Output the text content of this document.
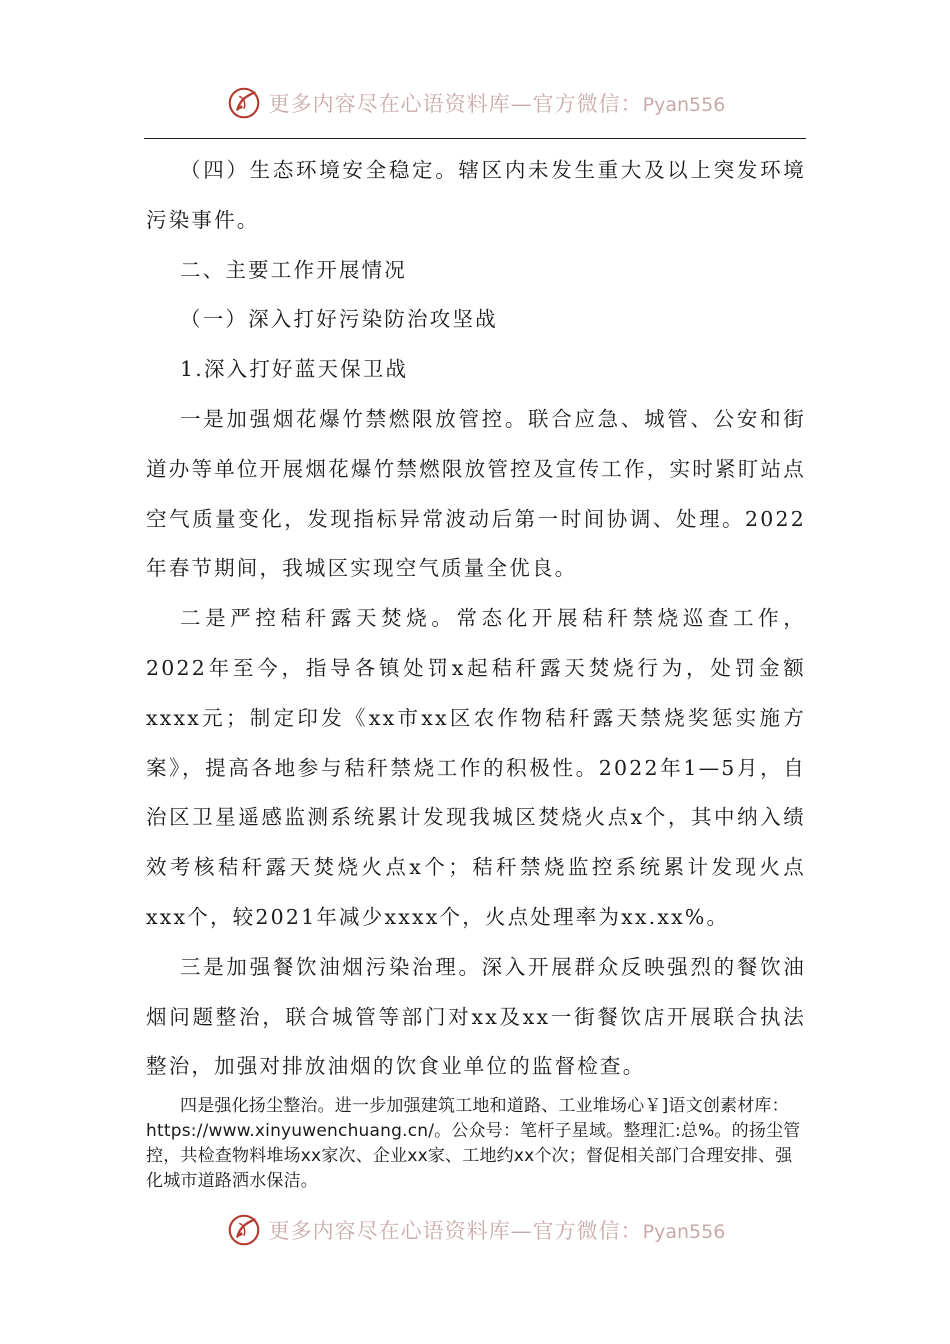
更多内容尽在心语资料库—官方微信：Pyan556

（四）生态环境安全稳定。辖区内未发生重大及以上突发环境污染事件。

二、主要工作开展情况

（一）深入打好污染防治攻坚战

1.深入打好蓝天保卫战

一是加强烟花爆竹禁燃限放管控。联合应急、城管、公安和街道办等单位开展烟花爆竹禁燃限放管控及宣传工作，实时紧盯站点空气质量变化，发现指标异常波动后第一时间协调、处理。2022年春节期间，我城区实现空气质量全优良。

二是严控秸秆露天焚烧。常态化开展秸秆禁烧巡查工作，2022年至今，指导各镇处罚x起秸秆露天焚烧行为，处罚金额xxxx元；制定印发《xx市xx区农作物秸秆露天禁烧奖惩实施方案》，提高各地参与秸秆禁烧工作的积极性。2022年1—5月，自治区卫星遥感监测系统累计发现我城区焚烧火点x个，其中纳入绩效考核秸秆露天焚烧火点x个；秸秆禁烧监控系统累计发现火点xxx个，较2021年减少xxxx个，火点处理率为xx.xx%。

三是加强餐饮油烟污染治理。深入开展群众反映强烈的餐饮油烟问题整治，联合城管等部门对xx及xx一街餐饮店开展联合执法整治，加强对排放油烟的饮食业单位的监督检查。

四是强化扬尘整治。进一步加强建筑工地和道路、工业堆场心￥]语文创素材库：https://www.xinyuwenchuang.cn/。公众号：笔杆子星域。整理汇:总%。的扬尘管控，共检查物料堆场xx家次、企业xx家、工地约xx个次；督促相关部门合理安排、强化城市道路洒水保洁。

更多内容尽在心语资料库—官方微信：Pyan556
